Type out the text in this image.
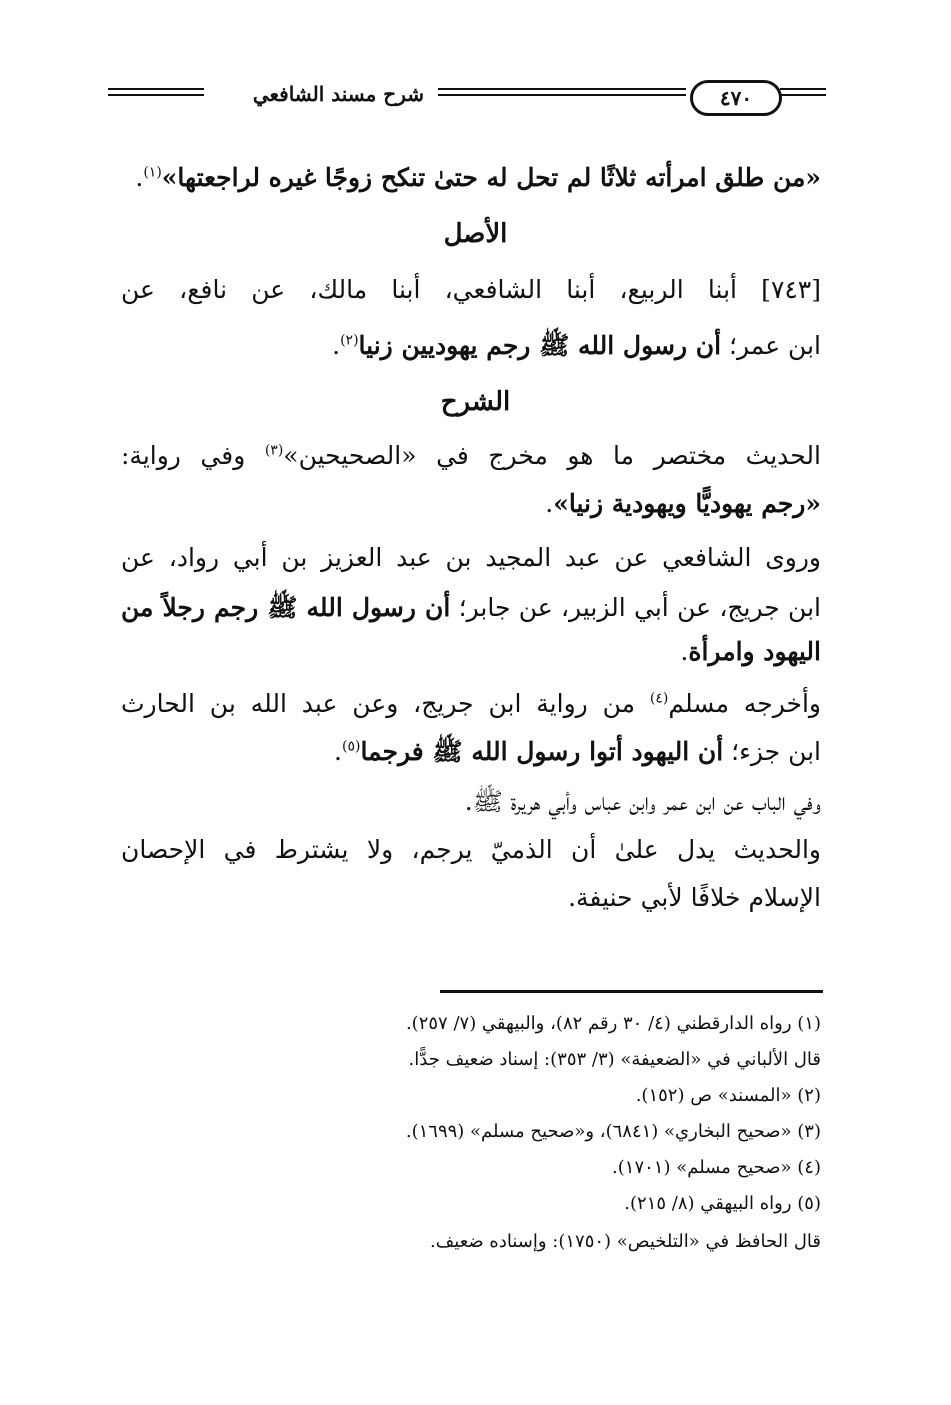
شرح مسند الشافعي	٤٧٠
«من طلق امرأته ثلاثًا لم تحل له حتىٰ تنكح زوجًا غيره لراجعتها»$^{(١)}$.
الأصل
[٧٤٣] أبنا الربيع، أبنا الشافعي، أبنا مالك، عن نافع، عن
ابن عمر؛ أن رسول الله ﷺ رجم يهوديين زنيا$^{(٢)}$.
الشرح
الحديث مختصر ما هو مخرج في «الصحيحين»$^{(٣)}$ وفي رواية:
«رجم يهوديًّا ويهودية زنيا».
وروى الشافعي عن عبد المجيد بن عبد العزيز بن أبي رواد، عن
ابن جريج، عن أبي الزبير، عن جابر؛ أن رسول الله ﷺ رجم رجلاً من
اليهود وامرأة.
وأخرجه مسلم$^{(٤)}$ من رواية ابن جريج، وعن عبد الله بن الحارث
ابن جزء؛ أن اليهود أتوا رسول الله ﷺ فرجما$^{(٥)}$.
وفي الباب عن ابن عمر وابن عباس وأبي هريرة ﷺ.
والحديث يدل علىٰ أن الذميّ يرجم، ولا يشترط في الإحصان
الإسلام خلافًا لأبي حنيفة.
(١) رواه الدارقطني (٤/ ٣٠ رقم ٨٢)، والبيهقي (٧/ ٢٥٧).
قال الألباني في «الضعيفة» (٣/ ٣٥٣): إسناد ضعيف جدًّا.
(٢) «المسند» ص (١٥٢).
(٣) «صحيح البخاري» (٦٨٤١)، و«صحيح مسلم» (١٦٩٩).
(٤) «صحيح مسلم» (١٧٠١).
(٥) رواه البيهقي (٨/ ٢١٥).
قال الحافظ في «التلخيص» (١٧٥٠): وإسناده ضعيف.
